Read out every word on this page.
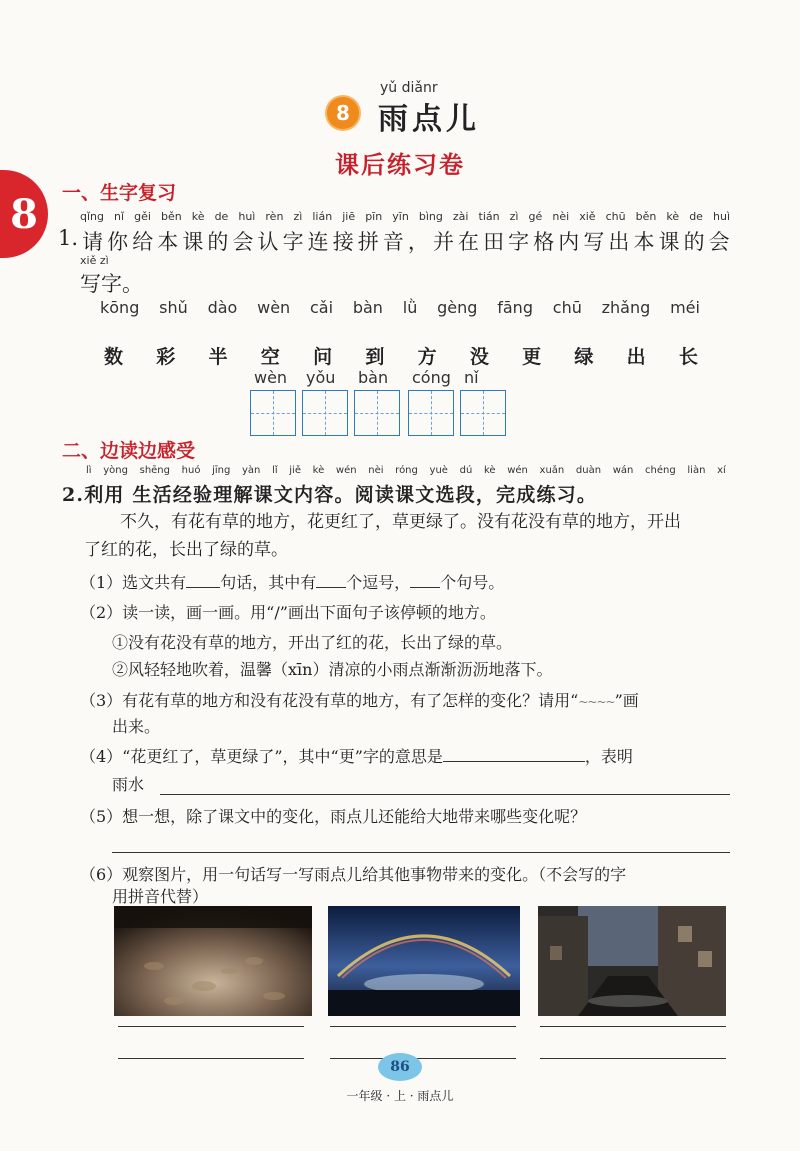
8
yǔ diǎnr
8 雨点儿
课后练习卷
一、生字复习
qǐng nǐ gěi běn kè de huì rèn zì lián jiē pīn yīn bìng zài tián zì gé nèi xiě chū běn kè de huì
1. 请 你 给 本 课 的 会 认 字 连 接 拼 音 ， 并 在 田 字 格 内 写 出 本 课 的 会
xiě zì
写字。
kōng shǔ dào wèn cǎi bàn lǜ gèng fāng chū zhǎng méi
数 彩 半 空 问 到 方 没 更 绿 出 长
wèn yǒu bàn cóng nǐ
二、边读边感受
lì yòng shēng huó jīng yàn lǐ jiě kè wén nèi róng yuè dú kè wén xuǎn duàn wán chéng liàn xí
2.利用 生活经验理解课文内容。阅读课文选段，完成练习。
不久，有花有草的地方，花更红了，草更绿了。没有花没有草的地方，开出
了红的花，长出了绿的草。
（1）选文共有 句话，其中有 个逗号， 个句号。
（2）读一读，画一画。用“/”画出下面句子该停顿的地方。
①没有花没有草的地方，开出了红的花，长出了绿的草。
②风轻轻地吹着，温馨（xīn）清凉的小雨点渐渐沥沥地落下。
（3）有花有草的地方和没有花没有草的地方，有了怎样的变化？请用“~~~~”画
出来。
（4）“花更红了，草更绿了”，其中“更”字的意思是	，表明
雨水
（5）想一想，除了课文中的变化，雨点儿还能给大地带来哪些变化呢？
（6）观察图片，用一句话写一写雨点儿给其他事物带来的变化。（不会写的字
用拼音代替）
86
一年级 · 上 · 雨点儿
